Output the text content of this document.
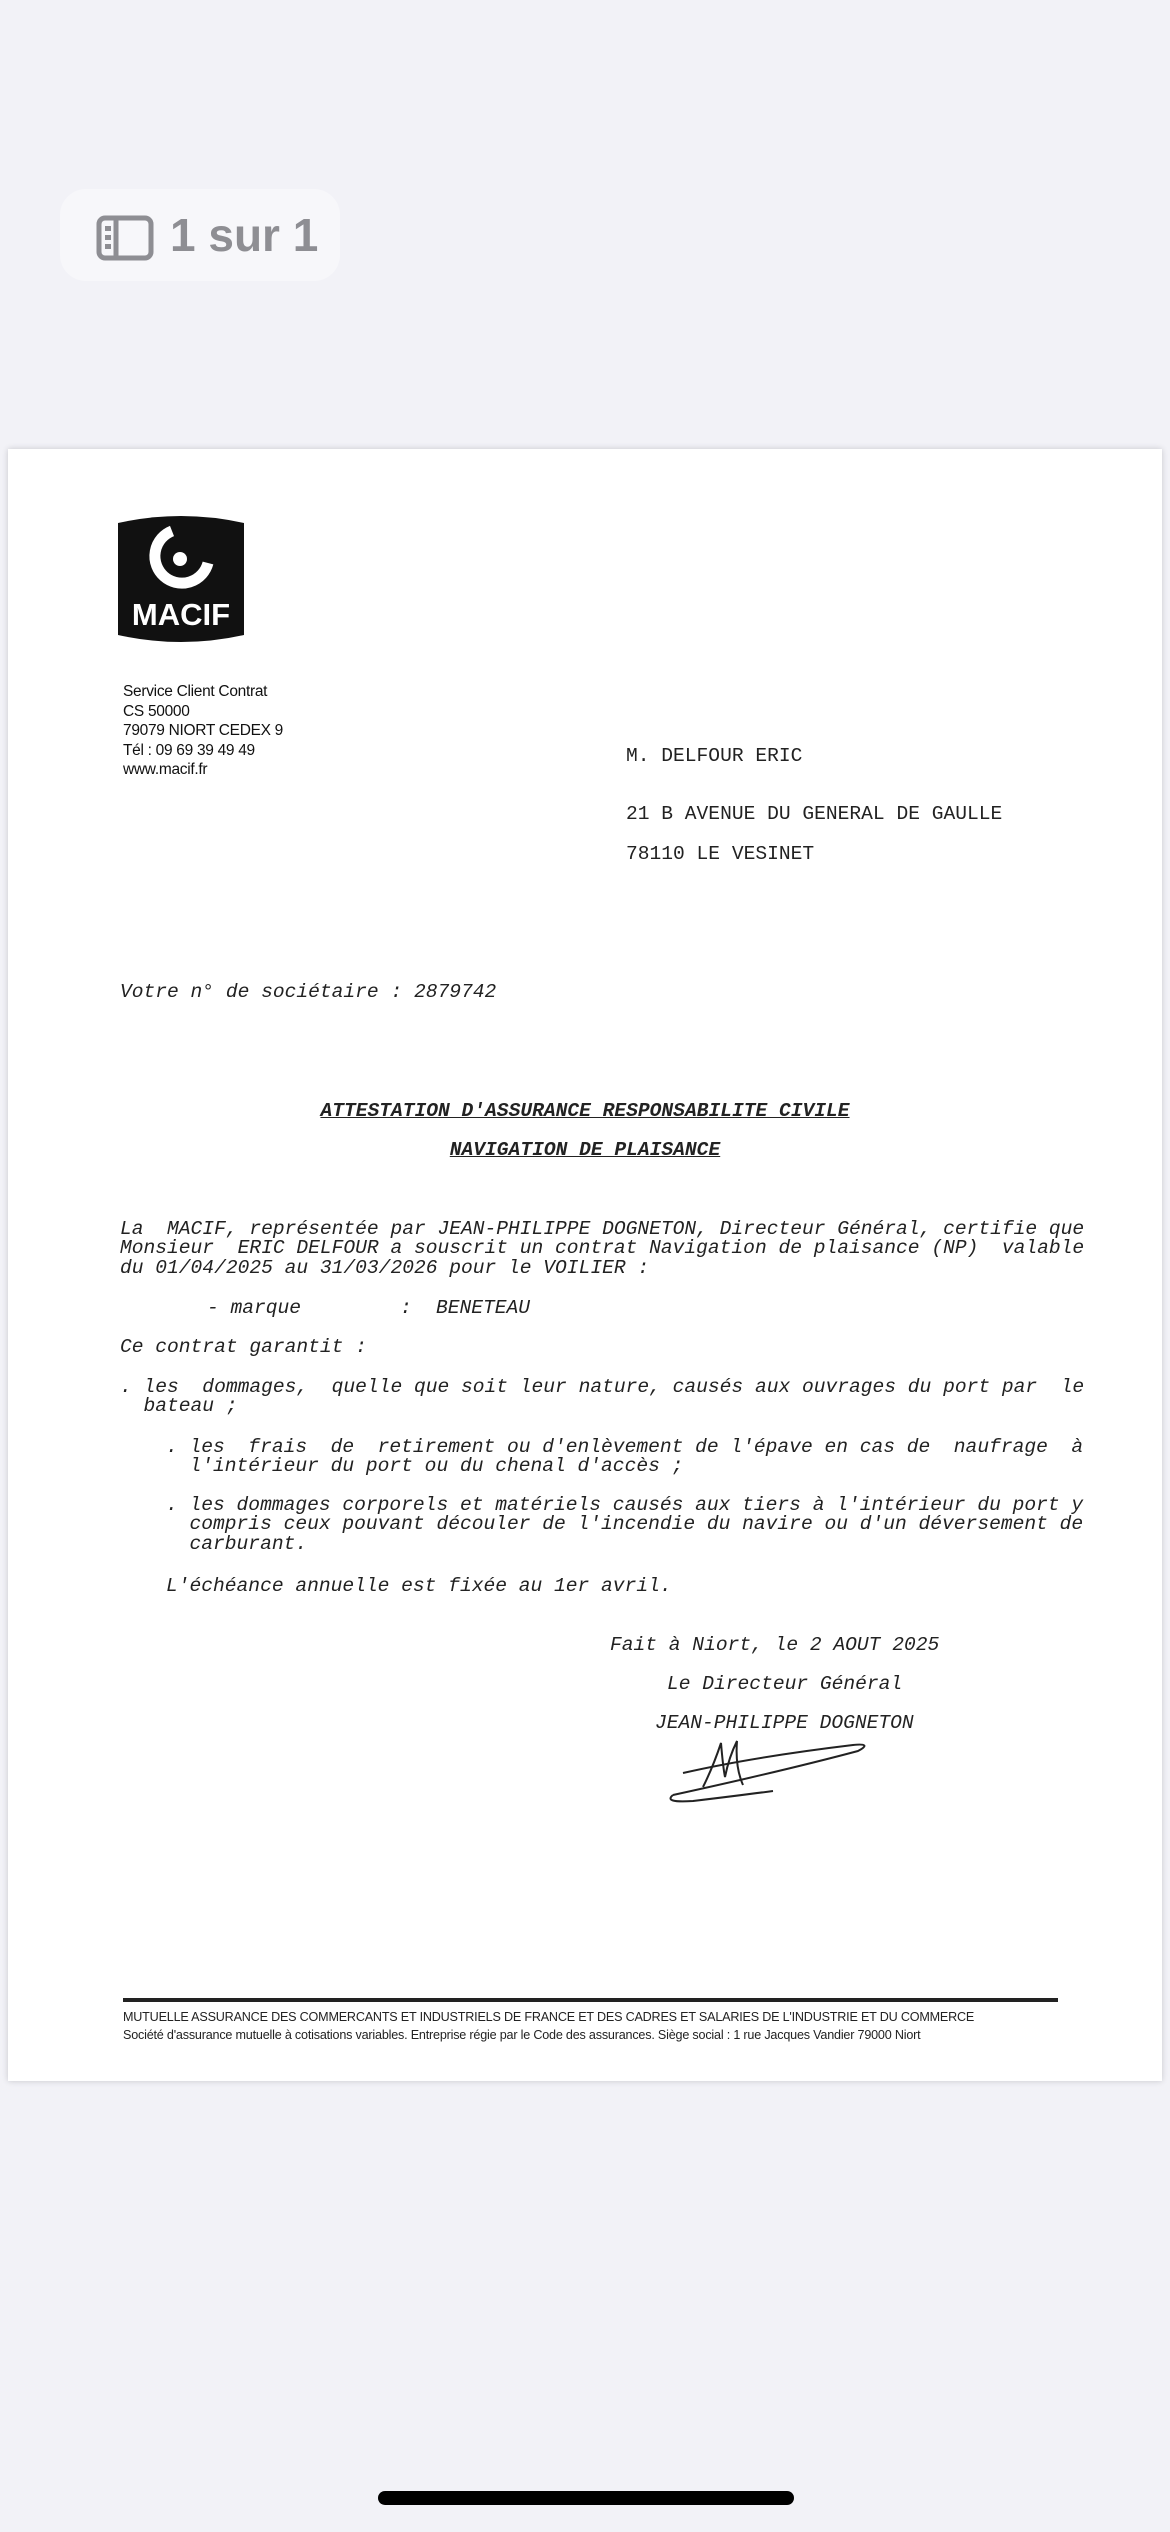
1 sur 1
MACIF
Service Client Contrat
CS 50000
79079 NIORT CEDEX 9
Tél : 09 69 39 49 49
www.macif.fr
M. DELFOUR ERIC
21 B AVENUE DU GENERAL DE GAULLE
78110 LE VESINET
Votre n° de sociétaire : 2879742
ATTESTATION D'ASSURANCE RESPONSABILITE CIVILE
NAVIGATION DE PLAISANCE
La  MACIF, représentée par JEAN-PHILIPPE DOGNETON, Directeur Général, certifie que
Monsieur  ERIC DELFOUR a souscrit un contrat Navigation de plaisance (NP)  valable
du 01/04/2025 au 31/03/2026 pour le VOILIER :
- marque	: BENETEAU
Ce contrat garantit :
. les  dommages,  quelle que soit leur nature, causés aux ouvrages du port par  le
bateau ;
. les  frais  de  retirement ou d'enlèvement de l'épave en cas de  naufrage  à
l'intérieur du port ou du chenal d'accès ;
. les dommages corporels et matériels causés aux tiers à l'intérieur du port y
compris ceux pouvant découler de l'incendie du navire ou d'un déversement de
carburant.
L'échéance annuelle est fixée au 1er avril.
Fait à Niort, le 2 AOUT 2025
Le Directeur Général
JEAN-PHILIPPE DOGNETON
MUTUELLE ASSURANCE DES COMMERCANTS ET INDUSTRIELS DE FRANCE ET DES CADRES ET SALARIES DE L'INDUSTRIE ET DU COMMERCE
Société d'assurance mutuelle à cotisations variables. Entreprise régie par le Code des assurances. Siège social : 1 rue Jacques Vandier 79000 Niort
